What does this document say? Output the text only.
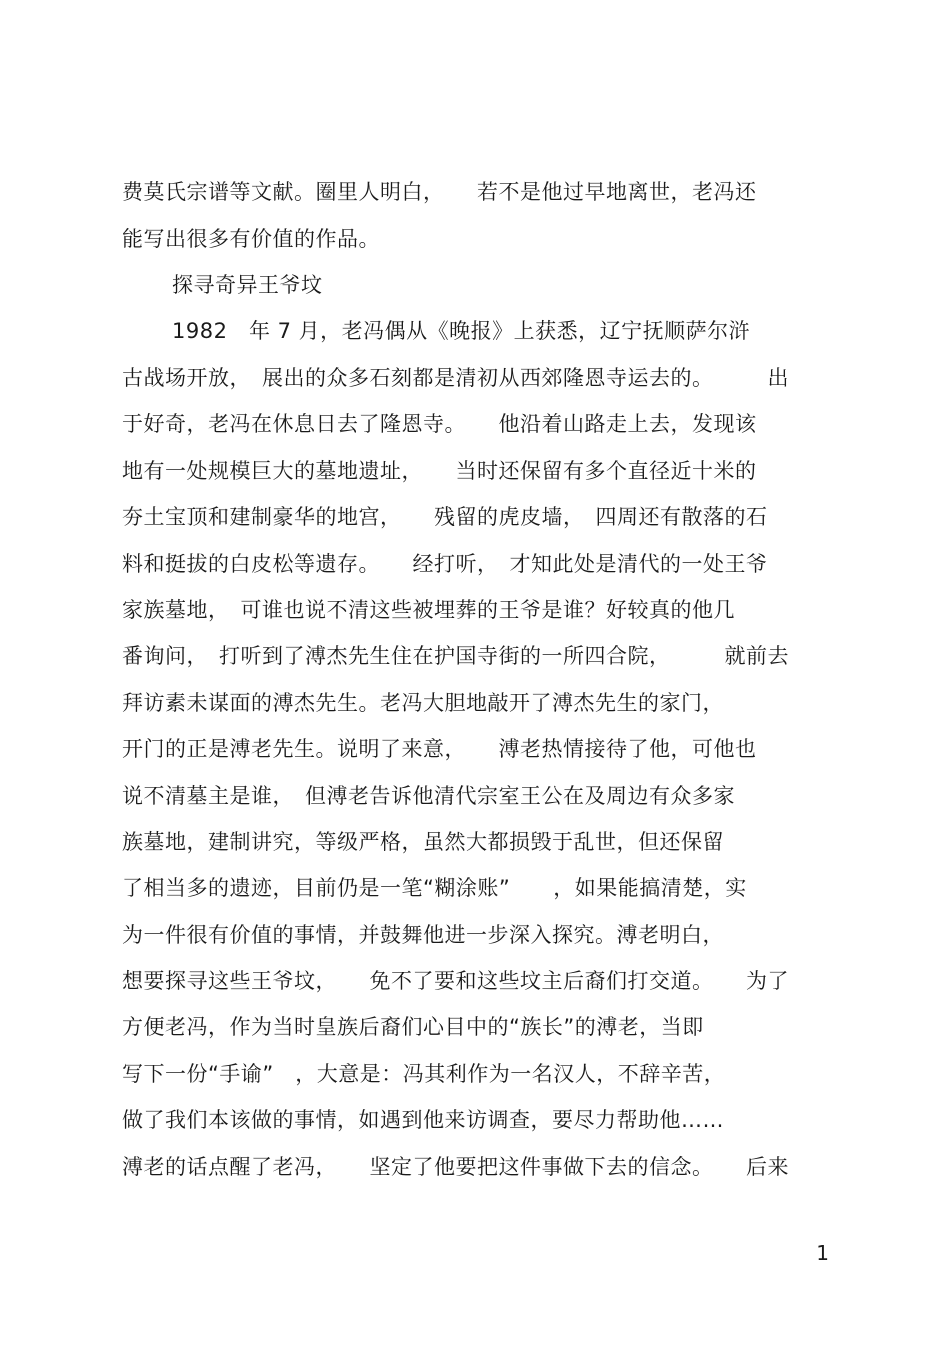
费莫氏宗谱等文献。圈里人明白，　　若不是他过早地离世，老冯还
能写出很多有价值的作品。
探寻奇异王爷坟
1982　年 7 月，老冯偶从《晚报》上获悉，辽宁抚顺萨尔浒
古战场开放，　展出的众多石刻都是清初从西郊隆恩寺运去的。　　　出
于好奇，老冯在休息日去了隆恩寺。　　他沿着山路走上去，发现该
地有一处规模巨大的墓地遗址，　　当时还保留有多个直径近十米的
夯土宝顶和建制豪华的地宫，　　残留的虎皮墙，　四周还有散落的石
料和挺拔的白皮松等遗存。　　经打听，　才知此处是清代的一处王爷
家族墓地，　可谁也说不清这些被埋葬的王爷是谁？好较真的他几
番询问，　打听到了溥杰先生住在护国寺街的一所四合院，　　　就前去
拜访素未谋面的溥杰先生。老冯大胆地敲开了溥杰先生的家门，
开门的正是溥老先生。说明了来意，　　溥老热情接待了他，可他也
说不清墓主是谁，　但溥老告诉他清代宗室王公在及周边有众多家
族墓地，建制讲究，等级严格，虽然大都损毁于乱世，但还保留
了相当多的遗迹，目前仍是一笔“糊涂账”　　，如果能搞清楚，实
为一件很有价值的事情，并鼓舞他进一步深入探究。溥老明白，
想要探寻这些王爷坟，　　免不了要和这些坟主后裔们打交道。　　为了
方便老冯，作为当时皇族后裔们心目中的“族长”的溥老，当即
写下一份“手谕”　，大意是：冯其利作为一名汉人，不辞辛苦，
做了我们本该做的事情，如遇到他来访调查，要尽力帮助他……
溥老的话点醒了老冯，　　坚定了他要把这件事做下去的信念。　　后来
1
